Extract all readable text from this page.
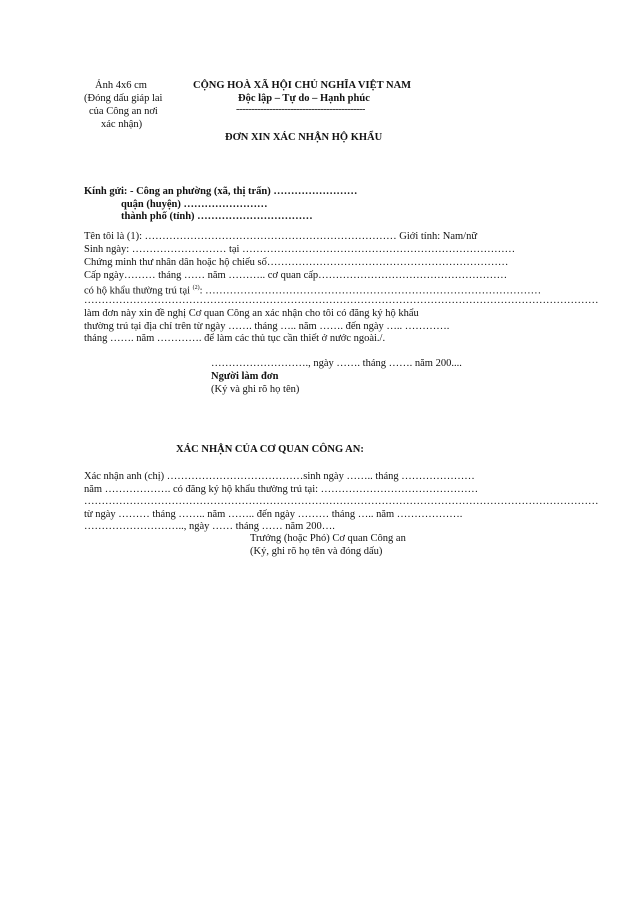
Ảnh 4x6 cm
(Đóng dấu giáp lai
của Công an nơi
xác nhận)
CỘNG HOÀ XÃ HỘI CHỦ NGHĨA VIỆT NAM
Độc lập – Tự do – Hạnh phúc
-------------------------------------------
ĐƠN XIN XÁC NHẬN HỘ KHẨU
Kính gửi: - Công an phường (xã, thị trấn) ……………………
quận (huyện) ……………………
thành phố (tỉnh) ……………………………
Tên tôi là (1): ……………………………………………………………… Giới tính: Nam/nữ
Sinh ngày: ……………………… tại ……………………………………………………………………
Chứng minh thư nhân dân hoặc hộ chiếu số……………………………………………………………
Cấp ngày……… tháng …… năm ……….. cơ quan cấp………………………………………………
có hộ khẩu thường trú tại $^{(2)}$: ……………………………………………………………………………………
…………………………………………………………………………………………………………………………………
làm đơn này xin đề nghị Cơ quan Công an xác nhận cho tôi có đăng ký hộ khẩu
thường trú tại địa chỉ trên từ ngày ……. tháng ….. năm ……. đến ngày ….. ………….
tháng ……. năm …………. để làm các thủ tục cần thiết ở nước ngoài./.
………………………., ngày ……. tháng ……. năm 200....
Người làm đơn
(Ký và ghi rõ họ tên)
XÁC NHẬN CỦA CƠ QUAN CÔNG AN:
Xác nhận anh (chị) …………………………………sinh ngày …….. tháng …………………
năm ………………. có đăng ký hộ khẩu thường trú tại: ………………………………………
…………………………………………………………………………………………………………………………………
từ ngày ……… tháng …….. năm …….. đến ngày ……… tháng ….. năm ……………….
……………………….., ngày …… tháng …… năm 200….
Trưởng (hoặc Phó) Cơ quan Công an
(Ký, ghi rõ họ tên và đóng dấu)
